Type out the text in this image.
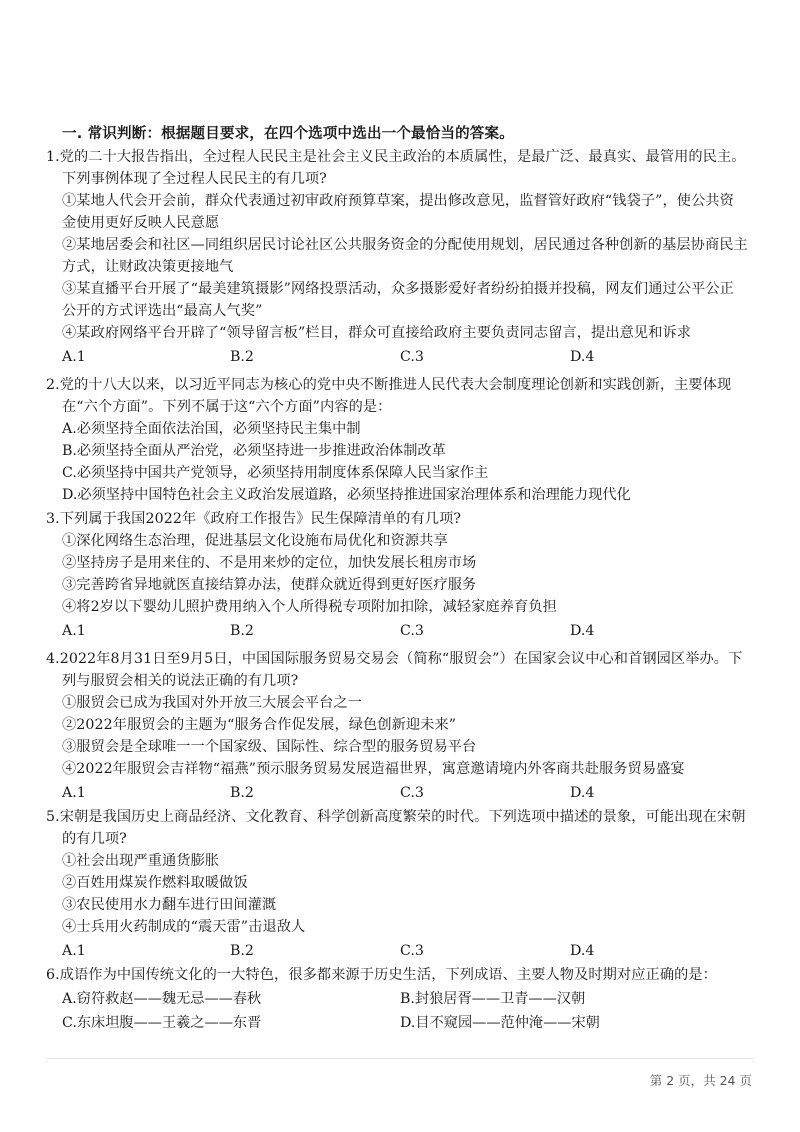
一. 常识判断：根据题目要求，在四个选项中选出一个最恰当的答案。
1.党的二十大报告指出，全过程人民民主是社会主义民主政治的本质属性，是最广泛、最真实、最管用的民主。
下列事例体现了全过程人民民主的有几项?
①某地人代会开会前，群众代表通过初审政府预算草案，提出修改意见，监督管好政府“钱袋子”，使公共资
金使用更好反映人民意愿
②某地居委会和社区—同组织居民讨论社区公共服务资金的分配使用规划，居民通过各种创新的基层协商民主
方式，让财政决策更接地气
③某直播平台开展了“最美建筑摄影”网络投票活动，众多摄影爱好者纷纷拍摄并投稿，网友们通过公平公正
公开的方式评选出“最高人气奖”
④某政府网络平台开辟了“领导留言板”栏目，群众可直接给政府主要负责同志留言，提出意见和诉求
A.1	B.2	C.3	D.4
2.党的十八大以来，以习近平同志为核心的党中央不断推进人民代表大会制度理论创新和实践创新，主要体现
在“六个方面”。下列不属于这“六个方面”内容的是：
A.必须坚持全面依法治国，必须坚持民主集中制
B.必须坚持全面从严治党，必须坚持进一步推进政治体制改革
C.必须坚持中国共产党领导，必须坚持用制度体系保障人民当家作主
D.必须坚持中国特色社会主义政治发展道路，必须坚持推进国家治理体系和治理能力现代化
3.下列属于我国2022年《政府工作报告》民生保障清单的有几项?
①深化网络生态治理，促进基层文化设施布局优化和资源共享
②坚持房子是用来住的、不是用来炒的定位，加快发展长租房市场
③完善跨省异地就医直接结算办法，使群众就近得到更好医疗服务
④将2岁以下婴幼儿照护费用纳入个人所得税专项附加扣除，减轻家庭养育负担
A.1	B.2	C.3	D.4
4.2022年8月31日至9月5日，中国国际服务贸易交易会（简称“服贸会”）在国家会议中心和首钢园区举办。下
列与服贸会相关的说法正确的有几项?
①服贸会已成为我国对外开放三大展会平台之一
②2022年服贸会的主题为“服务合作促发展，绿色创新迎未来”
③服贸会是全球唯一一个国家级、国际性、综合型的服务贸易平台
④2022年服贸会吉祥物“福燕”预示服务贸易发展造福世界，寓意邀请境内外客商共赴服务贸易盛宴
A.1	B.2	C.3	D.4
5.宋朝是我国历史上商品经济、文化教育、科学创新高度繁荣的时代。下列选项中描述的景象，可能出现在宋朝
的有几项?
①社会出现严重通货膨胀
②百姓用煤炭作燃料取暖做饭
③农民使用水力翻车进行田间灌溉
④士兵用火药制成的“震天雷”击退敌人
A.1	B.2	C.3	D.4
6.成语作为中国传统文化的一大特色，很多都来源于历史生活，下列成语、主要人物及时期对应正确的是：
A.窃符救赵——魏无忌——春秋	B.封狼居胥——卫青——汉朝
C.东床坦腹——王羲之——东晋	D.目不窥园——范仲淹——宋朝
第 2 页，共 24 页
